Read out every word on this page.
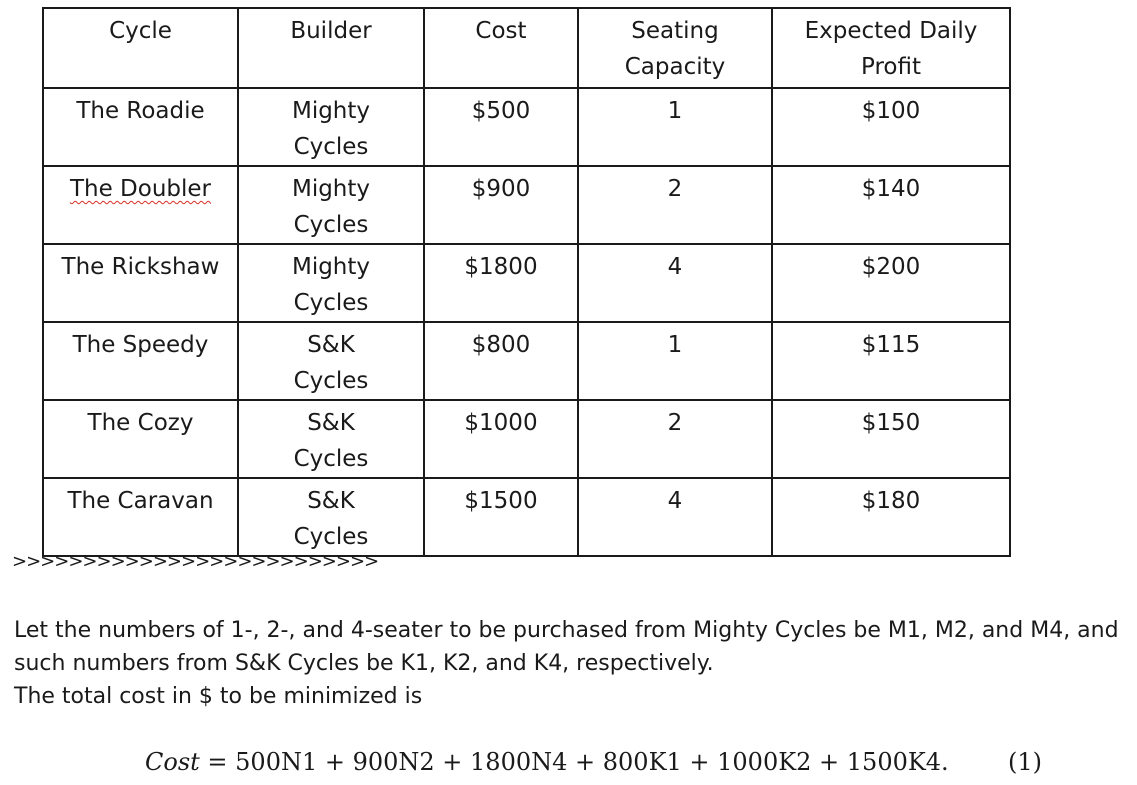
Cycle	Builder	Cost	Seating Capacity	Expected Daily Profit
The Roadie	Mighty Cycles	$500	1	$100
The Doubler	Mighty Cycles	$900	2	$140
The Rickshaw	Mighty Cycles	$1800	4	$200
The Speedy	S&K Cycles	$800	1	$115
The Cozy	S&K Cycles	$1000	2	$150
The Caravan	S&K Cycles	$1500	4	$180
>>>>>>>>>>>>>>>>>>>>>>>>>>
Let the numbers of 1-, 2-, and 4-seater to be purchased from Mighty Cycles be M1, M2, and M4, and
such numbers from S&K Cycles be K1, K2, and K4, respectively.
The total cost in $ to be minimized is
Cost = 500N1 + 900N2 + 1800N4 + 800K1 + 1000K2 + 1500K4. (1)
